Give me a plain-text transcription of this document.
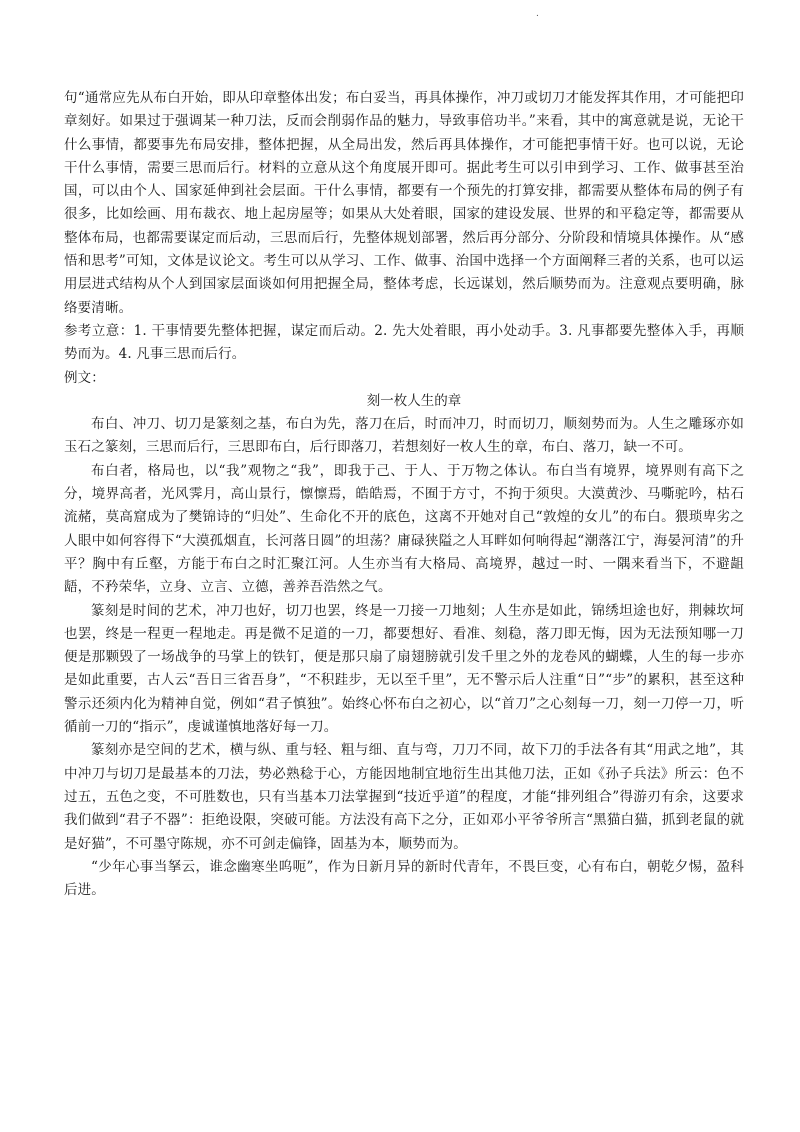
.

句“通常应先从布白开始，即从印章整体出发；布白妥当，再具体操作，冲刀或切刀才能发挥其作用，才可能把印章刻好。如果过于强调某一种刀法，反而会削弱作品的魅力，导致事倍功半。”来看，其中的寓意就是说，无论干什么事情，都要事先布局安排，整体把握，从全局出发，然后再具体操作，才可能把事情干好。也可以说，无论干什么事情，需要三思而后行。材料的立意从这个角度展开即可。据此考生可以引申到学习、工作、做事甚至治国，可以由个人、国家延伸到社会层面。干什么事情，都要有一个预先的打算安排，都需要从整体布局的例子有很多，比如绘画、用布裁衣、地上起房屋等；如果从大处着眼，国家的建设发展、世界的和平稳定等，都需要从整体布局，也都需要谋定而后动，三思而后行，先整体规划部署，然后再分部分、分阶段和情境具体操作。从“感悟和思考”可知，文体是议论文。考生可以从学习、工作、做事、治国中选择一个方面阐释三者的关系，也可以运用层进式结构从个人到国家层面谈如何用把握全局，整体考虑，长远谋划，然后顺势而为。注意观点要明确，脉络要清晰。

参考立意：1. 干事情要先整体把握，谋定而后动。2. 先大处着眼，再小处动手。3. 凡事都要先整体入手，再顺势而为。4. 凡事三思而后行。

例文：

刻一枚人生的章

布白、冲刀、切刀是篆刻之基，布白为先，落刀在后，时而冲刀，时而切刀，顺刻势而为。人生之雕琢亦如玉石之篆刻，三思而后行，三思即布白，后行即落刀，若想刻好一枚人生的章，布白、落刀，缺一不可。

布白者，格局也，以“我”观物之“我”，即我于己、于人、于万物之体认。布白当有境界，境界则有高下之分，境界高者，光风霁月，高山景行，懔懔焉，皓皓焉，不囿于方寸，不拘于须臾。大漠黄沙、马嘶驼吟，枯石流赭，莫高窟成为了樊锦诗的“归处”、生命化不开的底色，这离不开她对自己“敦煌的女儿”的布白。猥琐卑劣之人眼中如何容得下“大漠孤烟直，长河落日圆”的坦荡？庸碌狭隘之人耳畔如何响得起“潮落江宁，海晏河清”的升平？胸中有丘壑，方能于布白之时汇聚江河。人生亦当有大格局、高境界，越过一时、一隅来看当下，不避龃龉，不矜荣华，立身、立言、立德，善养吾浩然之气。

篆刻是时间的艺术，冲刀也好，切刀也罢，终是一刀接一刀地刻；人生亦是如此，锦绣坦途也好，荆棘坎坷也罢，终是一程更一程地走。再是微不足道的一刀，都要想好、看准、刻稳，落刀即无悔，因为无法预知哪一刀便是那颗毁了一场战争的马掌上的铁钉，便是那只扇了扇翅膀就引发千里之外的龙卷风的蝴蝶，人生的每一步亦是如此重要，古人云“吾日三省吾身”，“不积跬步，无以至千里”，无不警示后人注重“日”“步”的累积，甚至这种警示还须内化为精神自觉，例如“君子慎独”。始终心怀布白之初心，以“首刀”之心刻每一刀，刻一刀停一刀，听循前一刀的“指示”，虔诚谨慎地落好每一刀。

篆刻亦是空间的艺术，横与纵、重与轻、粗与细、直与弯，刀刀不同，故下刀的手法各有其“用武之地”，其中冲刀与切刀是最基本的刀法，势必熟稔于心，方能因地制宜地衍生出其他刀法，正如《孙子兵法》所云：色不过五，五色之变，不可胜数也，只有当基本刀法掌握到“技近乎道”的程度，才能“排列组合”得游刃有余，这要求我们做到“君子不器”：拒绝设限，突破可能。方法没有高下之分，正如邓小平爷爷所言“黑猫白猫，抓到老鼠的就是好猫”，不可墨守陈规，亦不可剑走偏锋，固基为本，顺势而为。

“少年心事当拏云，谁念幽寒坐呜呃”，作为日新月异的新时代青年，不畏巨变，心有布白，朝乾夕惕，盈科后进。
